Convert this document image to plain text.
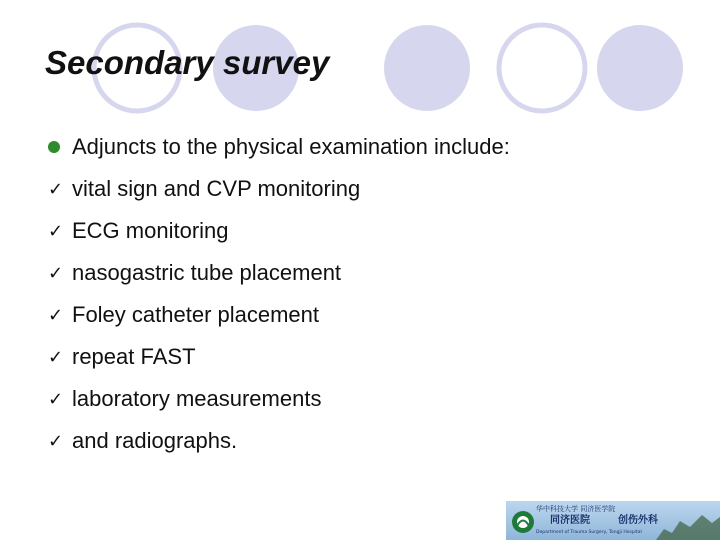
Secondary survey
Adjuncts to the physical examination include:
✓ vital sign and CVP monitoring
✓ ECG monitoring
✓ nasogastric tube placement
✓ Foley catheter placement
✓ repeat FAST
✓ laboratory measurements
✓ and radiographs.
华中科技大学 同济医学院
同济医院	创伤外科
Department of Trauma Surgery, Tongji Hospital
